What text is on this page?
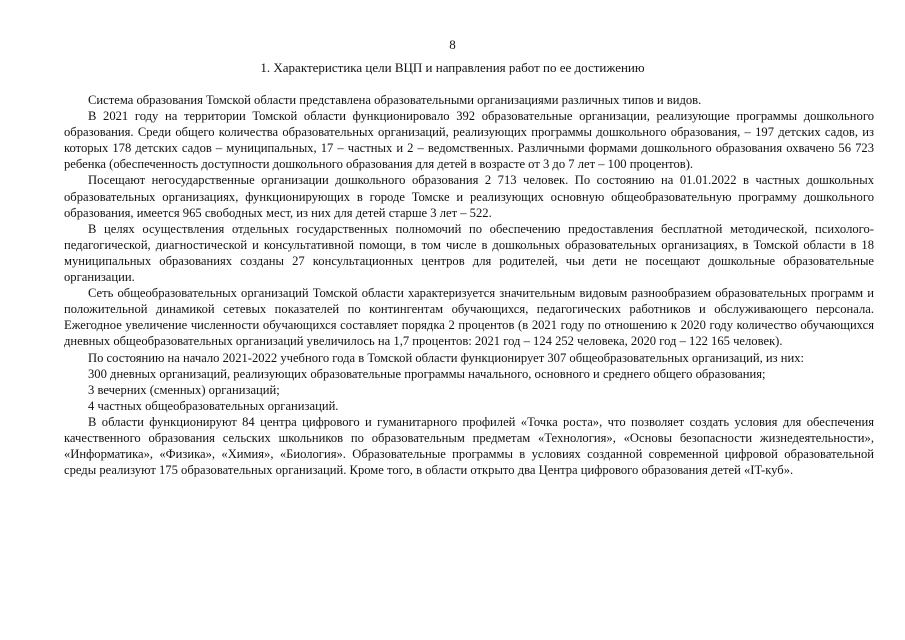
8
1. Характеристика цели ВЦП и направления работ по ее достижению

Система образования Томской области представлена образовательными организациями различных типов и видов.

В 2021 году на территории Томской области функционировало 392 образовательные организации, реализующие программы дошкольного образования. Среди общего количества образовательных организаций, реализующих программы дошкольного образования, – 197 детских садов, из которых 178 детских садов – муниципальных, 17 – частных и 2 – ведомственных. Различными формами дошкольного образования охвачено 56 723 ребенка (обеспеченность доступности дошкольного образования для детей в возрасте от 3 до 7 лет – 100 процентов).

Посещают негосударственные организации дошкольного образования 2 713 человек. По состоянию на 01.01.2022 в частных дошкольных образовательных организациях, функционирующих в городе Томске и реализующих основную общеобразовательную программу дошкольного образования, имеется 965 свободных мест, из них для детей старше 3 лет – 522.

В целях осуществления отдельных государственных полномочий по обеспечению предоставления бесплатной методической, психолого-педагогической, диагностической и консультативной помощи, в том числе в дошкольных образовательных организациях, в Томской области в 18 муниципальных образованиях созданы 27 консультационных центров для родителей, чьи дети не посещают дошкольные образовательные организации.

Сеть общеобразовательных организаций Томской области характеризуется значительным видовым разнообразием образовательных программ и положительной динамикой сетевых показателей по контингентам обучающихся, педагогических работников и обслуживающего персонала. Ежегодное увеличение численности обучающихся составляет порядка 2 процентов (в 2021 году по отношению к 2020 году количество обучающихся дневных общеобразовательных организаций увеличилось на 1,7 процентов: 2021 год – 124 252 человека, 2020 год – 122 165 человек).

По состоянию на начало 2021-2022 учебного года в Томской области функционирует 307 общеобразовательных организаций, из них:

300 дневных организаций, реализующих образовательные программы начального, основного и среднего общего образования;

3 вечерних (сменных) организаций;

4 частных общеобразовательных организаций.

В области функционируют 84 центра цифрового и гуманитарного профилей «Точка роста», что позволяет создать условия для обеспечения качественного образования сельских школьников по образовательным предметам «Технология», «Основы безопасности жизнедеятельности», «Информатика», «Физика», «Химия», «Биология». Образовательные программы в условиях созданной современной цифровой образовательной среды реализуют 175 образовательных организаций. Кроме того, в области открыто два Центра цифрового образования детей «IT-куб».
